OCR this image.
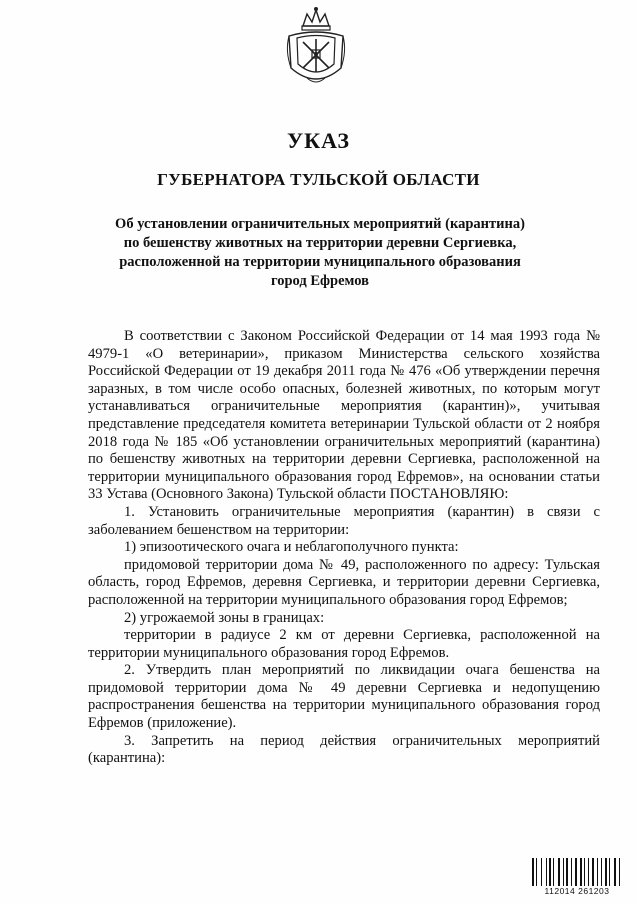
УКАЗ
ГУБЕРНАТОРА ТУЛЬСКОЙ ОБЛАСТИ
Об установлении ограничительных мероприятий (карантина)
по бешенству животных на территории деревни Сергиевка,
расположенной на территории муниципального образования
город Ефремов

В соответствии с Законом Российской Федерации от 14 мая 1993 года № 4979-1 «О ветеринарии», приказом Министерства сельского хозяйства Российской Федерации от 19 декабря 2011 года № 476 «Об утверждении перечня заразных, в том числе особо опасных, болезней животных, по которым могут устанавливаться ограничительные мероприятия (карантин)», учитывая представление председателя комитета ветеринарии Тульской области от 2 ноября 2018 года № 185 «Об установлении ограничительных мероприятий (карантина) по бешенству животных на территории деревни Сергиевка, расположенной на территории муниципального образования город Ефремов», на основании статьи 33 Устава (Основного Закона) Тульской области ПОСТАНОВЛЯЮ:

1. Установить ограничительные мероприятия (карантин) в связи с заболеванием бешенством на территории:

1) эпизоотического очага и неблагополучного пункта:

придомовой территории дома № 49, расположенного по адресу: Тульская область, город Ефремов, деревня Сергиевка, и территории деревни Сергиевка, расположенной на территории муниципального образования город Ефремов;

2) угрожаемой зоны в границах:

территории в радиусе 2 км от деревни Сергиевка, расположенной на территории муниципального образования город Ефремов.

2. Утвердить план мероприятий по ликвидации очага бешенства на придомовой территории дома № 49 деревни Сергиевка и недопущению распространения бешенства на территории муниципального образования город Ефремов (приложение).

3. Запретить на период действия ограничительных мероприятий (карантина):

112014 261203
